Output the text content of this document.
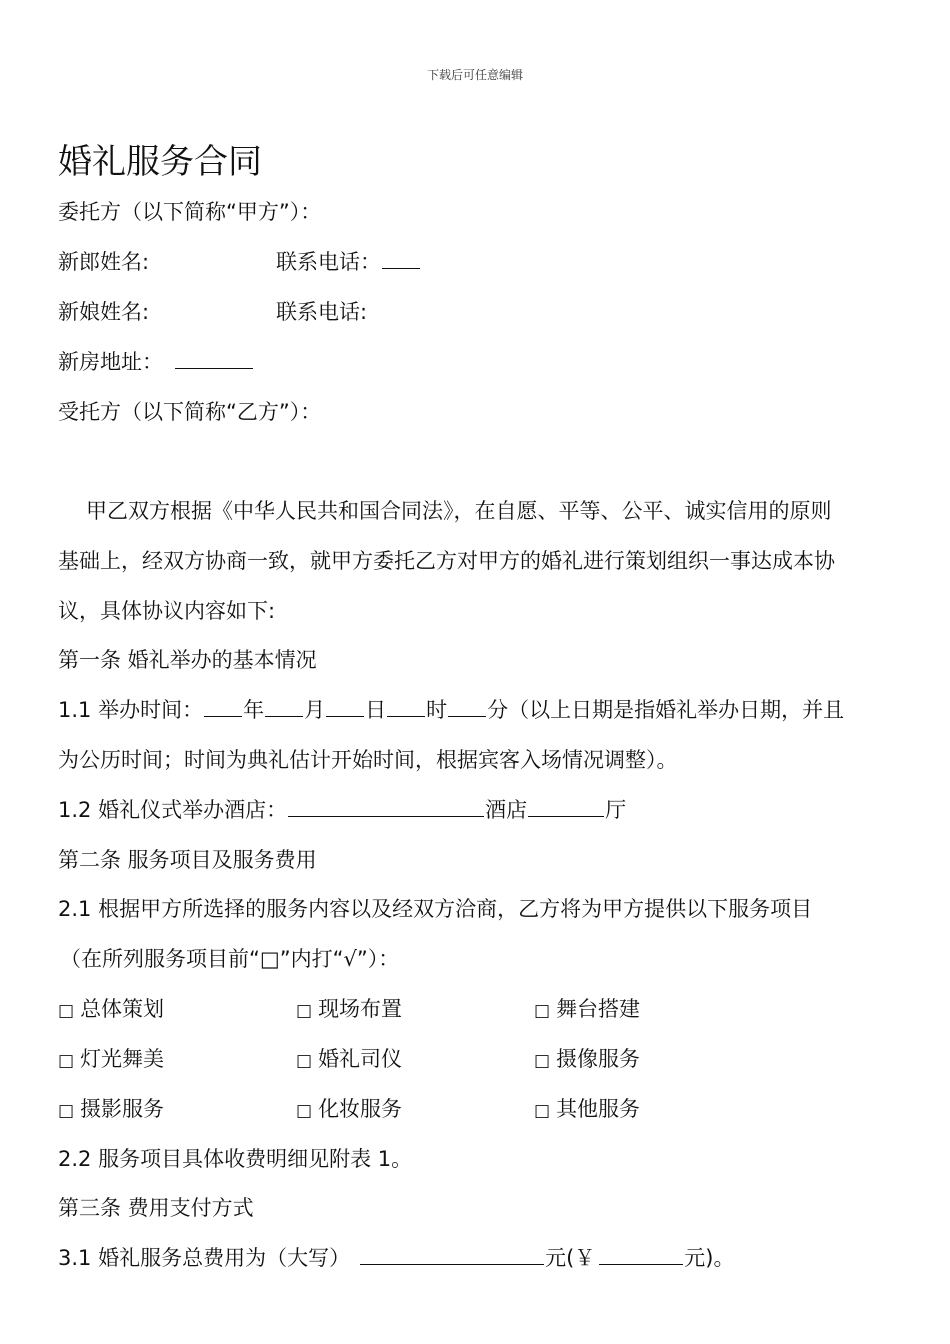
下载后可任意编辑
婚礼服务合同
委托方（以下简称“甲方”）：
新郎姓名:	联系电话：
新娘姓名:	联系电话:
新房地址：
受托方（以下简称“乙方”）：
甲乙双方根据《中华人民共和国合同法》，在自愿、平等、公平、诚实信用的原则
基础上，经双方协商一致，就甲方委托乙方对甲方的婚礼进行策划组织一事达成本协
议，具体协议内容如下:
第一条 婚礼举办的基本情况
1.1 举办时间： 年 月 日 时 分（以上日期是指婚礼举办日期，并且
为公历时间；时间为典礼估计开始时间，根据宾客入场情况调整）。
1.2 婚礼仪式举办酒店：	酒店	厅
第二条 服务项目及服务费用
2.1 根据甲方所选择的服务内容以及经双方洽商，乙方将为甲方提供以下服务项目
（在所列服务项目前“□”内打“√”）：
□ 总体策划	□ 现场布置	□ 舞台搭建
□ 灯光舞美	□ 婚礼司仪	□ 摄像服务
□ 摄影服务	□ 化妆服务	□ 其他服务
2.2 服务项目具体收费明细见附表 1。
第三条 费用支付方式
3.1 婚礼服务总费用为（大写）	元(￥	元)。
